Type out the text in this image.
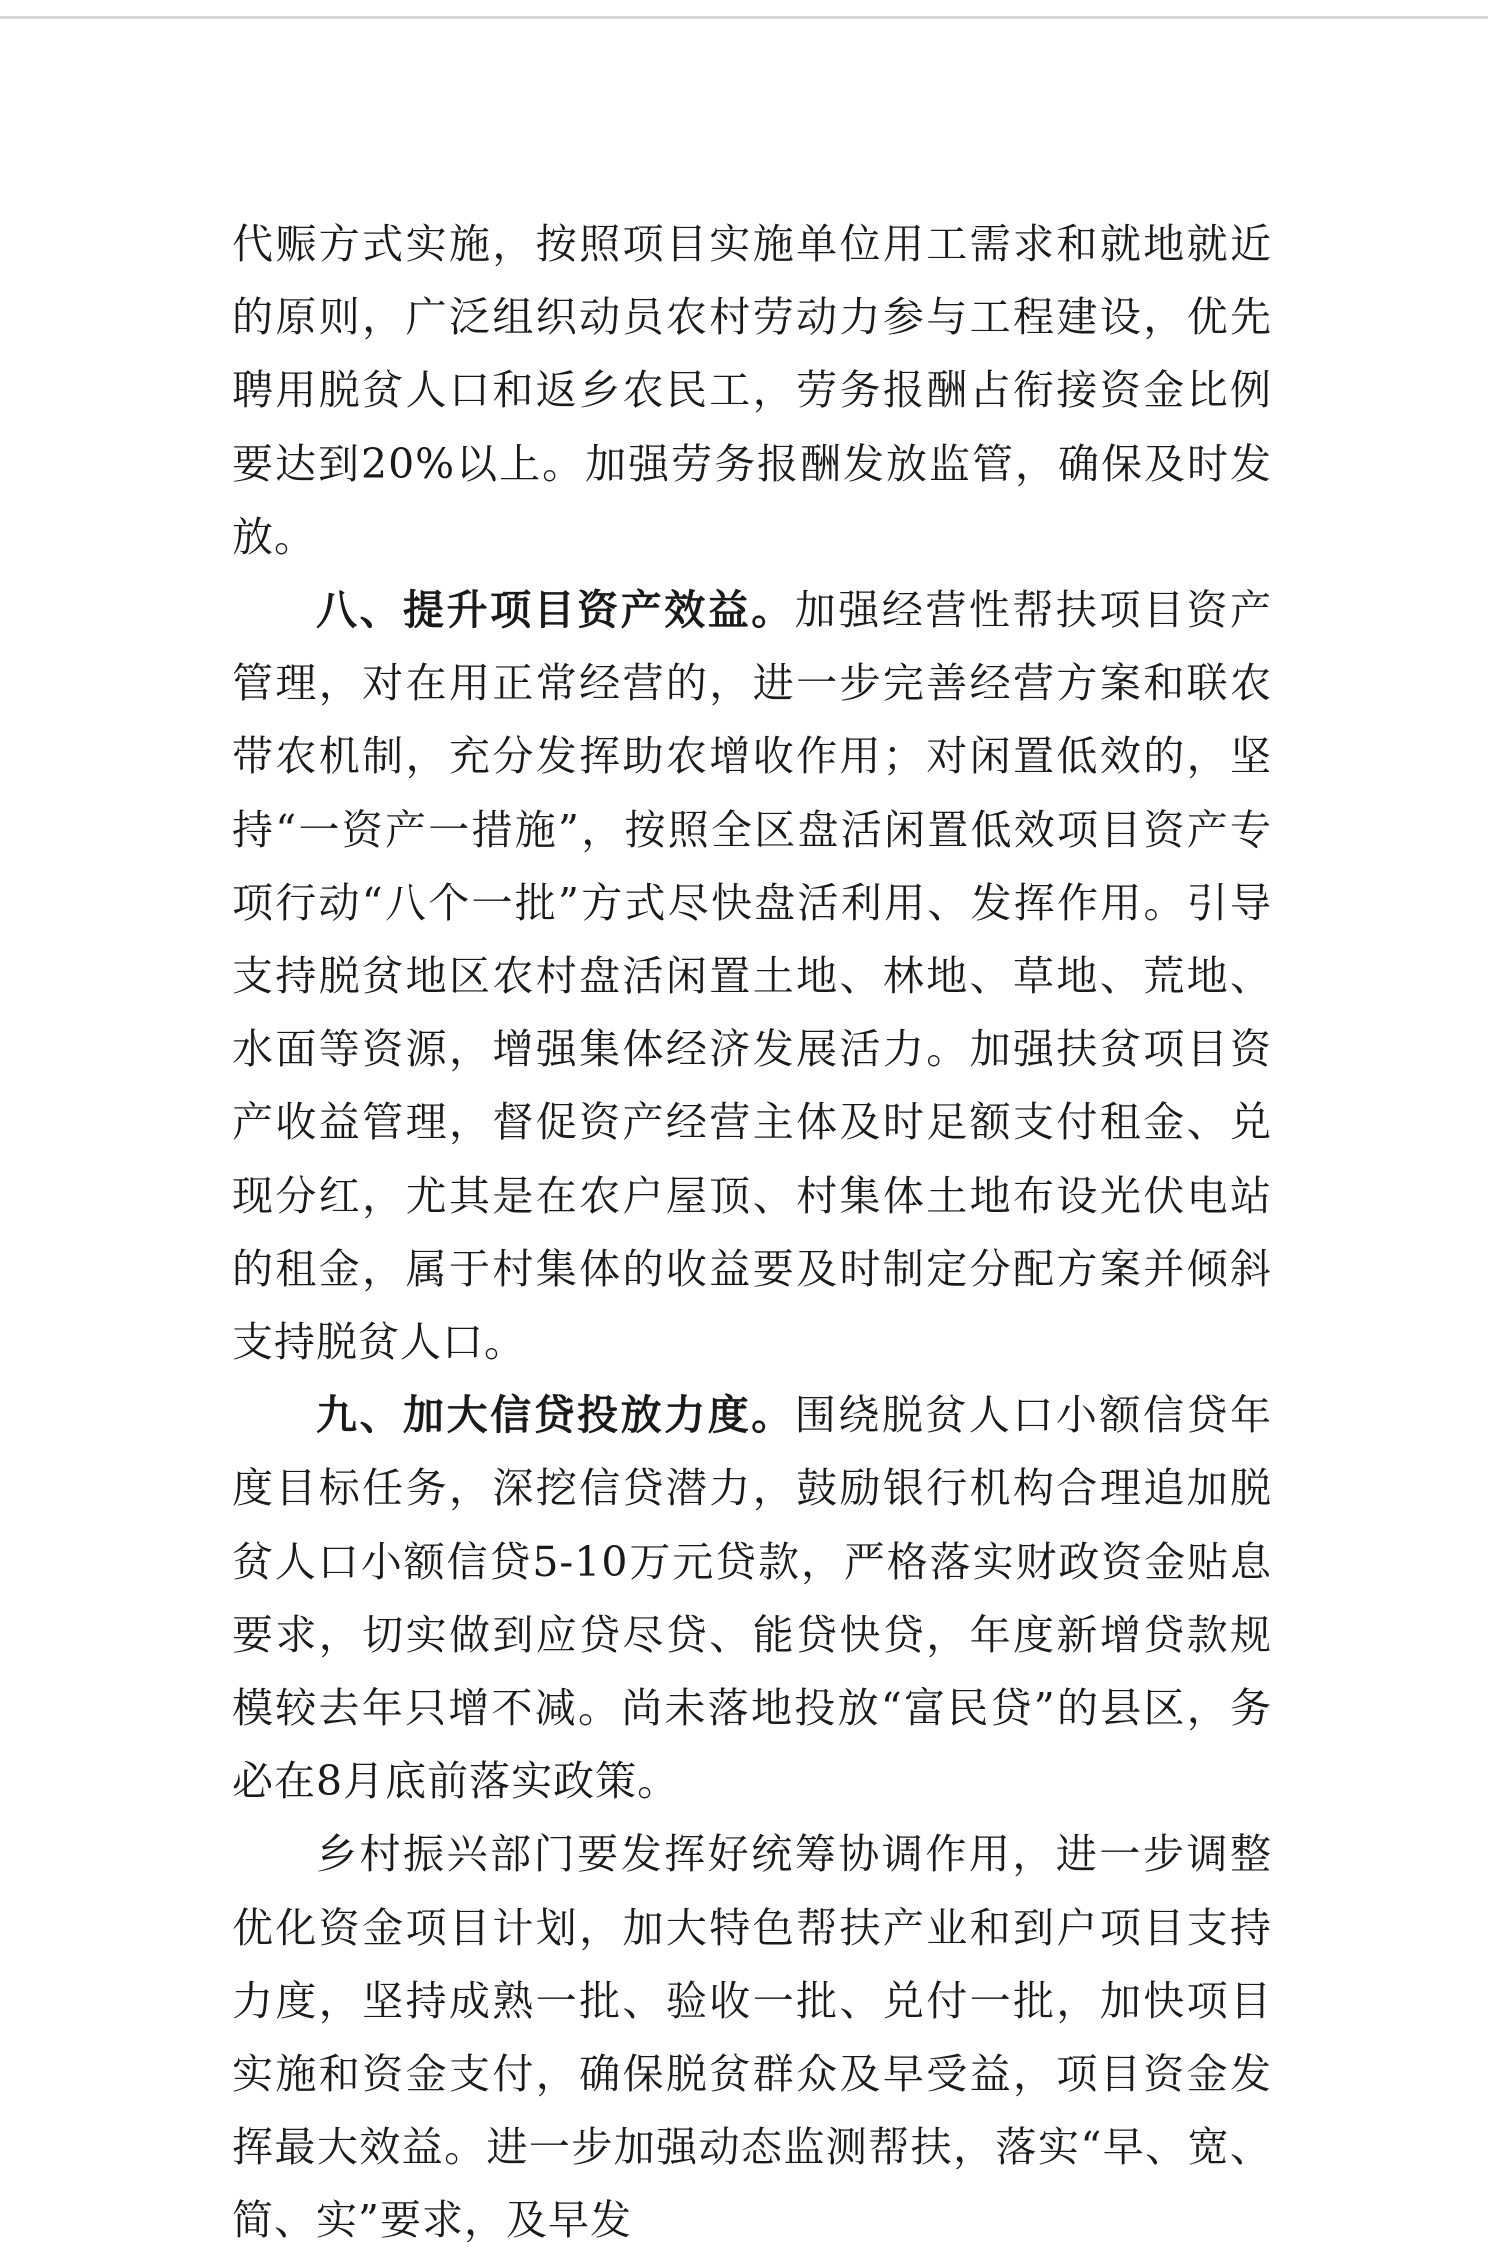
代赈方式实施，按照项目实施单位用工需求和就地就近的原则，广泛组织动员农村劳动力参与工程建设，优先聘用脱贫人口和返乡农民工，劳务报酬占衔接资金比例要达到20%以上。加强劳务报酬发放监管，确保及时发放。

八、提升项目资产效益。加强经营性帮扶项目资产管理，对在用正常经营的，进一步完善经营方案和联农带农机制，充分发挥助农增收作用；对闲置低效的，坚持“一资产一措施”，按照全区盘活闲置低效项目资产专项行动“八个一批”方式尽快盘活利用、发挥作用。引导支持脱贫地区农村盘活闲置土地、林地、草地、荒地、水面等资源，增强集体经济发展活力。加强扶贫项目资产收益管理，督促资产经营主体及时足额支付租金、兑现分红，尤其是在农户屋顶、村集体土地布设光伏电站的租金，属于村集体的收益要及时制定分配方案并倾斜支持脱贫人口。

九、加大信贷投放力度。围绕脱贫人口小额信贷年度目标任务，深挖信贷潜力，鼓励银行机构合理追加脱贫人口小额信贷5-10万元贷款，严格落实财政资金贴息要求，切实做到应贷尽贷、能贷快贷，年度新增贷款规模较去年只增不减。尚未落地投放“富民贷”的县区，务必在8月底前落实政策。

乡村振兴部门要发挥好统筹协调作用，进一步调整优化资金项目计划，加大特色帮扶产业和到户项目支持力度，坚持成熟一批、验收一批、兑付一批，加快项目实施和资金支付，确保脱贫群众及早受益，项目资金发挥最大效益。进一步加强动态监测帮扶，落实“早、宽、简、实”要求，及早发
